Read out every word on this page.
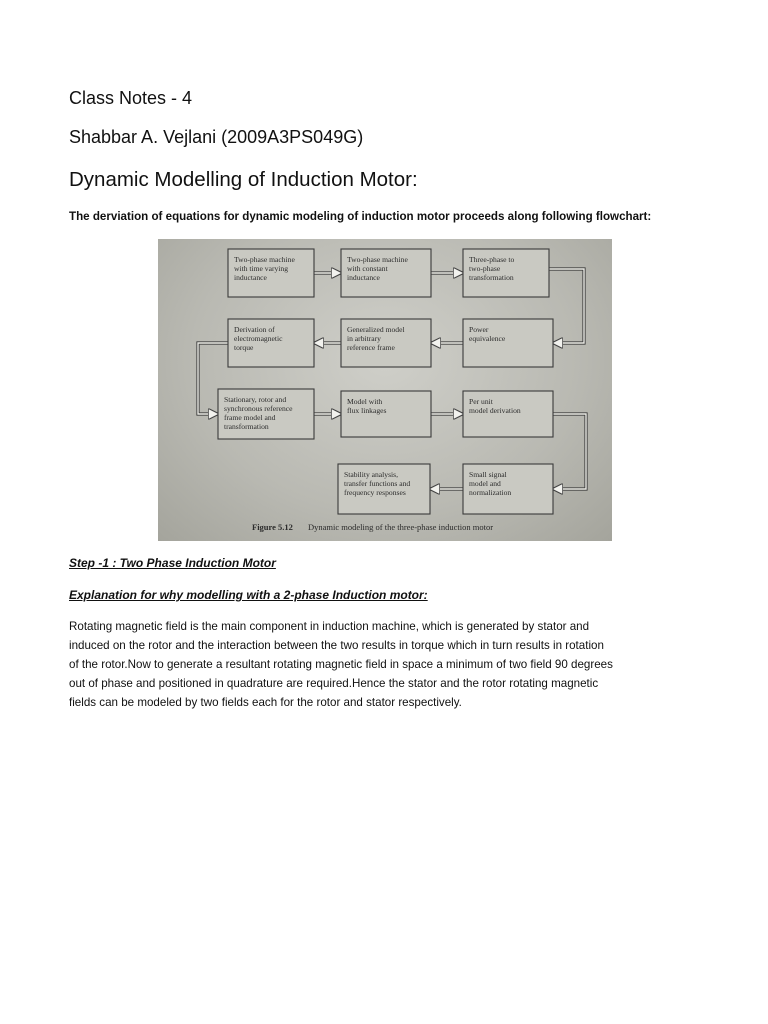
Class Notes - 4
Shabbar A. Vejlani (2009A3PS049G)
Dynamic Modelling of Induction Motor:
The derviation of equations for dynamic modeling of induction motor proceeds along following flowchart:
Two-phase machine
with time varying
inductance
Two-phase machine
with constant
inductance
Three-phase to
two-phase
transformation
Derivation of
electromagnetic
torque
Generalized model
in arbitrary
reference frame
Power
equivalence
Stationary, rotor and
synchronous reference
frame model and
transformation
Model with
flux linkages
Per unit
model derivation
Stability analysis,
transfer functions and
frequency responses
Small signal
model and
normalization
Figure 5.12 Dynamic modeling of the three-phase induction motor
Step -1 : Two Phase Induction Motor
Explanation for why modelling with a 2-phase Induction motor:
Rotating magnetic field is the main component in induction machine, which is generated by stator and
induced on the rotor and the interaction between the two results in torque which in turn results in rotation
of the rotor.Now to generate a resultant rotating magnetic field in space a minimum of two field 90 degrees
out of phase and positioned in quadrature are required.Hence the stator and the rotor rotating magnetic
fields can be modeled by two fields each for the rotor and stator respectively.
